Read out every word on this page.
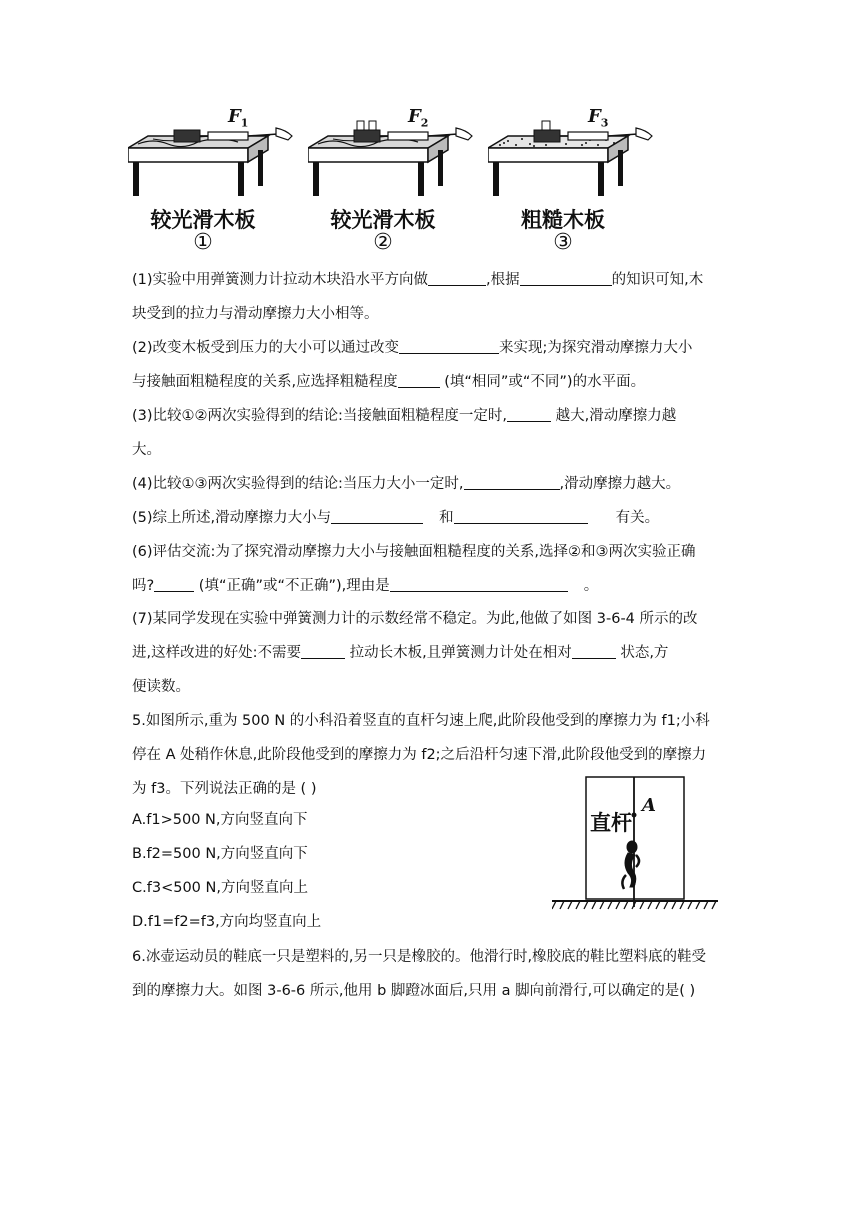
$F_1$
较光滑木板
①
$F_2$
较光滑木板
②
$F_3$
粗糙木板
③
(1)实验中用弹簧测力计拉动木块沿水平方向做	,根据	的知识可知,木
块受到的拉力与滑动摩擦力大小相等。
(2)改变木板受到压力的大小可以通过改变	来实现;为探究滑动摩擦力大小
与接触面粗糙程度的关系,应选择粗糙程度	(填“相同”或“不同”)的水平面。
(3)比较①②两次实验得到的结论:当接触面粗糙程度一定时,	越大,滑动摩擦力越
大。
(4)比较①③两次实验得到的结论:当压力大小一定时,	,滑动摩擦力越大。
(5)综上所述,滑动摩擦力大小与	和	有关。
(6)评估交流:为了探究滑动摩擦力大小与接触面粗糙程度的关系,选择②和③两次实验正确
吗?	(填“正确”或“不正确”),理由是	。
(7)某同学发现在实验中弹簧测力计的示数经常不稳定。为此,他做了如图 3-6-4 所示的改
进,这样改进的好处:不需要	拉动长木板,且弹簧测力计处在相对	状态,方
便读数。
5.如图所示,重为 500 N 的小科沿着竖直的直杆匀速上爬,此阶段他受到的摩擦力为 f1;小科
停在 A 处稍作休息,此阶段他受到的摩擦力为 f2;之后沿杆匀速下滑,此阶段他受到的摩擦力
为 f3。下列说法正确的是 ( )
A.f1>500 N,方向竖直向下
B.f2=500 N,方向竖直向下
C.f3<500 N,方向竖直向上
D.f1=f2=f3,方向均竖直向上
直杆
A
6.冰壶运动员的鞋底一只是塑料的,另一只是橡胶的。他滑行时,橡胶底的鞋比塑料底的鞋受
到的摩擦力大。如图 3-6-6 所示,他用 b 脚蹬冰面后,只用 a 脚向前滑行,可以确定的是( )
